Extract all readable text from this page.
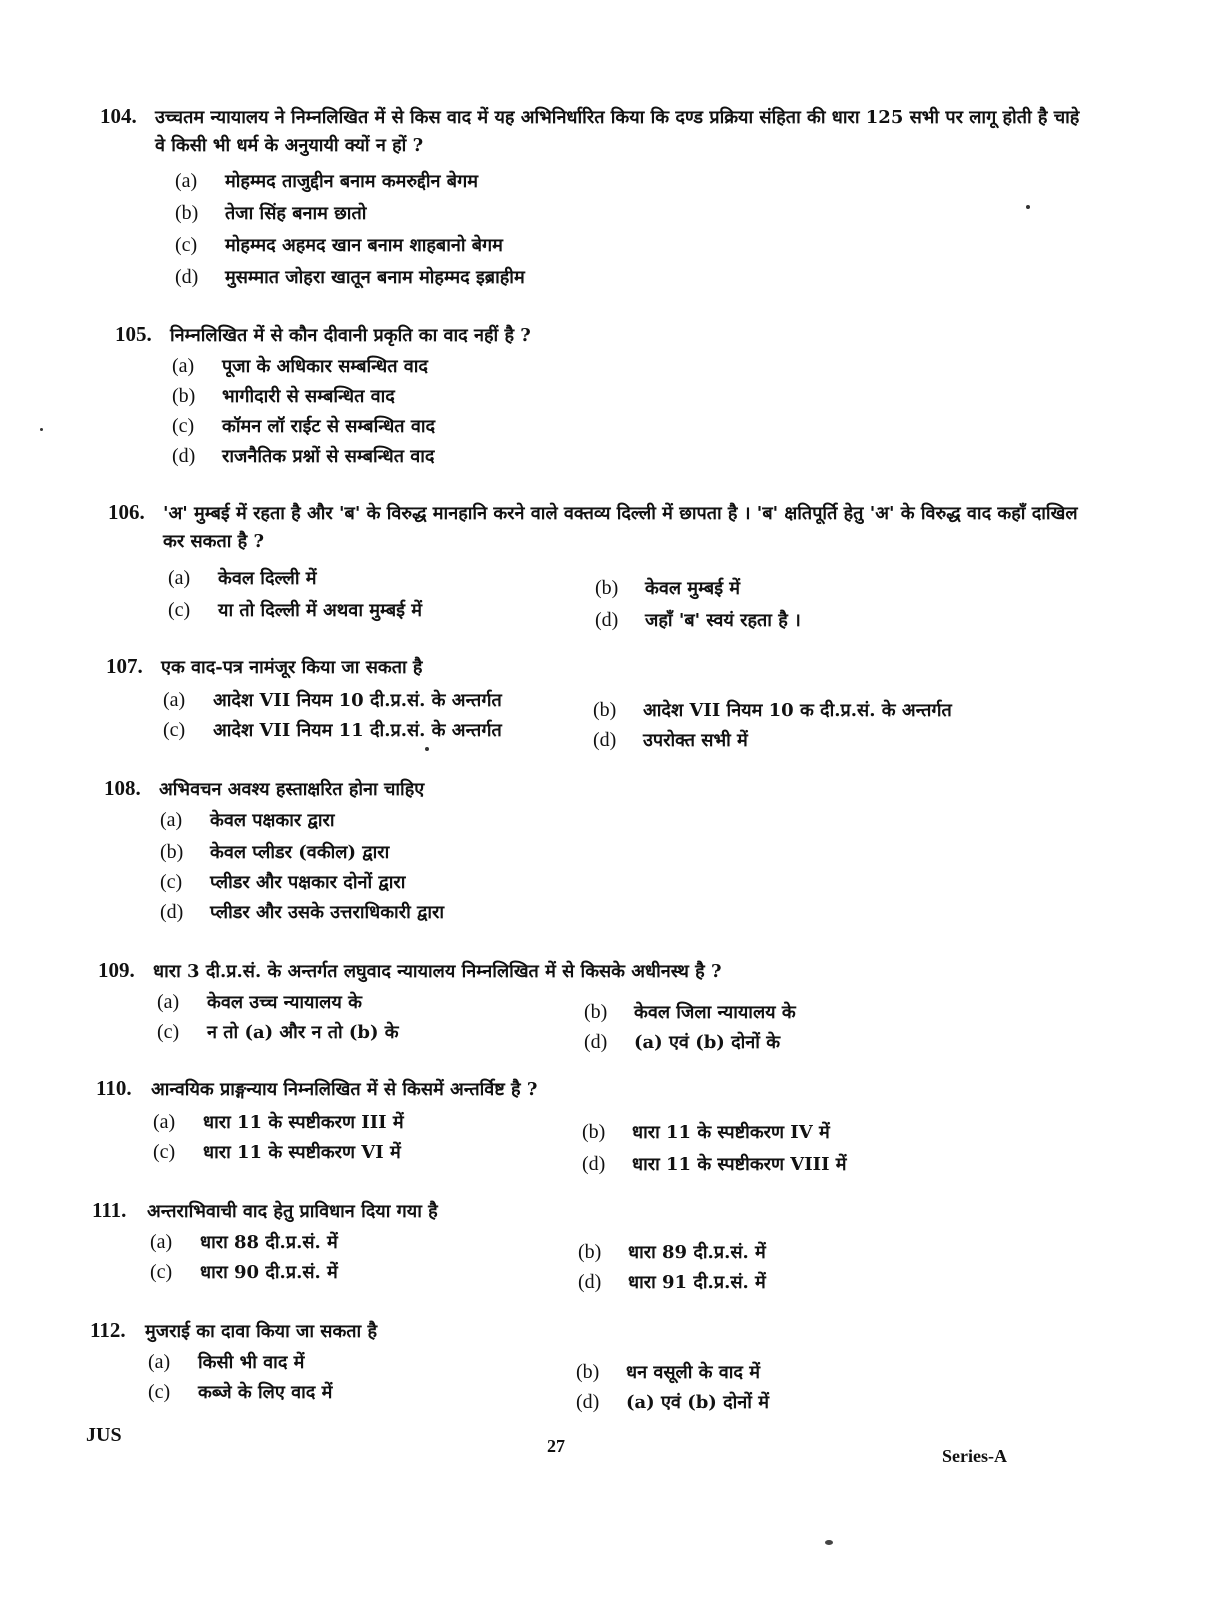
104. उच्चतम न्यायालय ने निम्नलिखित में से किस वाद में यह अभिनिर्धारित किया कि दण्ड प्रक्रिया संहिता की धारा 125 सभी पर लागू होती है चाहे वे किसी भी धर्म के अनुयायी क्यों न हों ?
(a) मोहम्मद ताजुद्दीन बनाम कमरुद्दीन बेगम
(b) तेजा सिंह बनाम छातो
(c) मोहम्मद अहमद खान बनाम शाहबानो बेगम
(d) मुसम्मात जोहरा खातून बनाम मोहम्मद इब्राहीम
105. निम्नलिखित में से कौन दीवानी प्रकृति का वाद नहीं है ?
(a) पूजा के अधिकार सम्बन्धित वाद
(b) भागीदारी से सम्बन्धित वाद
(c) कॉमन लॉ राईट से सम्बन्धित वाद
(d) राजनैतिक प्रश्नों से सम्बन्धित वाद
106. 'अ' मुम्बई में रहता है और 'ब' के विरुद्ध मानहानि करने वाले वक्तव्य दिल्ली में छापता है । 'ब' क्षतिपूर्ति हेतु 'अ' के विरुद्ध वाद कहाँ दाखिल कर सकता है ?
(a) केवल दिल्ली में	(b) केवल मुम्बई में
(c) या तो दिल्ली में अथवा मुम्बई में	(d) जहाँ 'ब' स्वयं रहता है ।
107. एक वाद-पत्र नामंजूर किया जा सकता है
(a) आदेश VII नियम 10 दी.प्र.सं. के अन्तर्गत	(b) आदेश VII नियम 10 क दी.प्र.सं. के अन्तर्गत
(c) आदेश VII नियम 11 दी.प्र.सं. के अन्तर्गत	(d) उपरोक्त सभी में
108. अभिवचन अवश्य हस्ताक्षरित होना चाहिए
(a) केवल पक्षकार द्वारा
(b) केवल प्लीडर (वकील) द्वारा
(c) प्लीडर और पक्षकार दोनों द्वारा
(d) प्लीडर और उसके उत्तराधिकारी द्वारा
109. धारा 3 दी.प्र.सं. के अन्तर्गत लघुवाद न्यायालय निम्नलिखित में से किसके अधीनस्थ है ?
(a) केवल उच्च न्यायालय के	(b) केवल जिला न्यायालय के
(c) न तो (a) और न तो (b) के	(d) (a) एवं (b) दोनों के
110. आन्वयिक प्राङ्गन्याय निम्नलिखित में से किसमें अन्तर्विष्ट है ?
(a) धारा 11 के स्पष्टीकरण III में	(b) धारा 11 के स्पष्टीकरण IV में
(c) धारा 11 के स्पष्टीकरण VI में
(d) धारा 11 के स्पष्टीकरण VIII में
111. अन्तराभिवाची वाद हेतु प्राविधान दिया गया है
(a) धारा 88 दी.प्र.सं. में	(b) धारा 89 दी.प्र.सं. में
(c) धारा 90 दी.प्र.सं. में	(d) धारा 91 दी.प्र.सं. में
112. मुजराई का दावा किया जा सकता है
(a) किसी भी वाद में	(b) धन वसूली के वाद में
(c) कब्जे के लिए वाद में	(d) (a) एवं (b) दोनों में
JUS	27	Series-A
